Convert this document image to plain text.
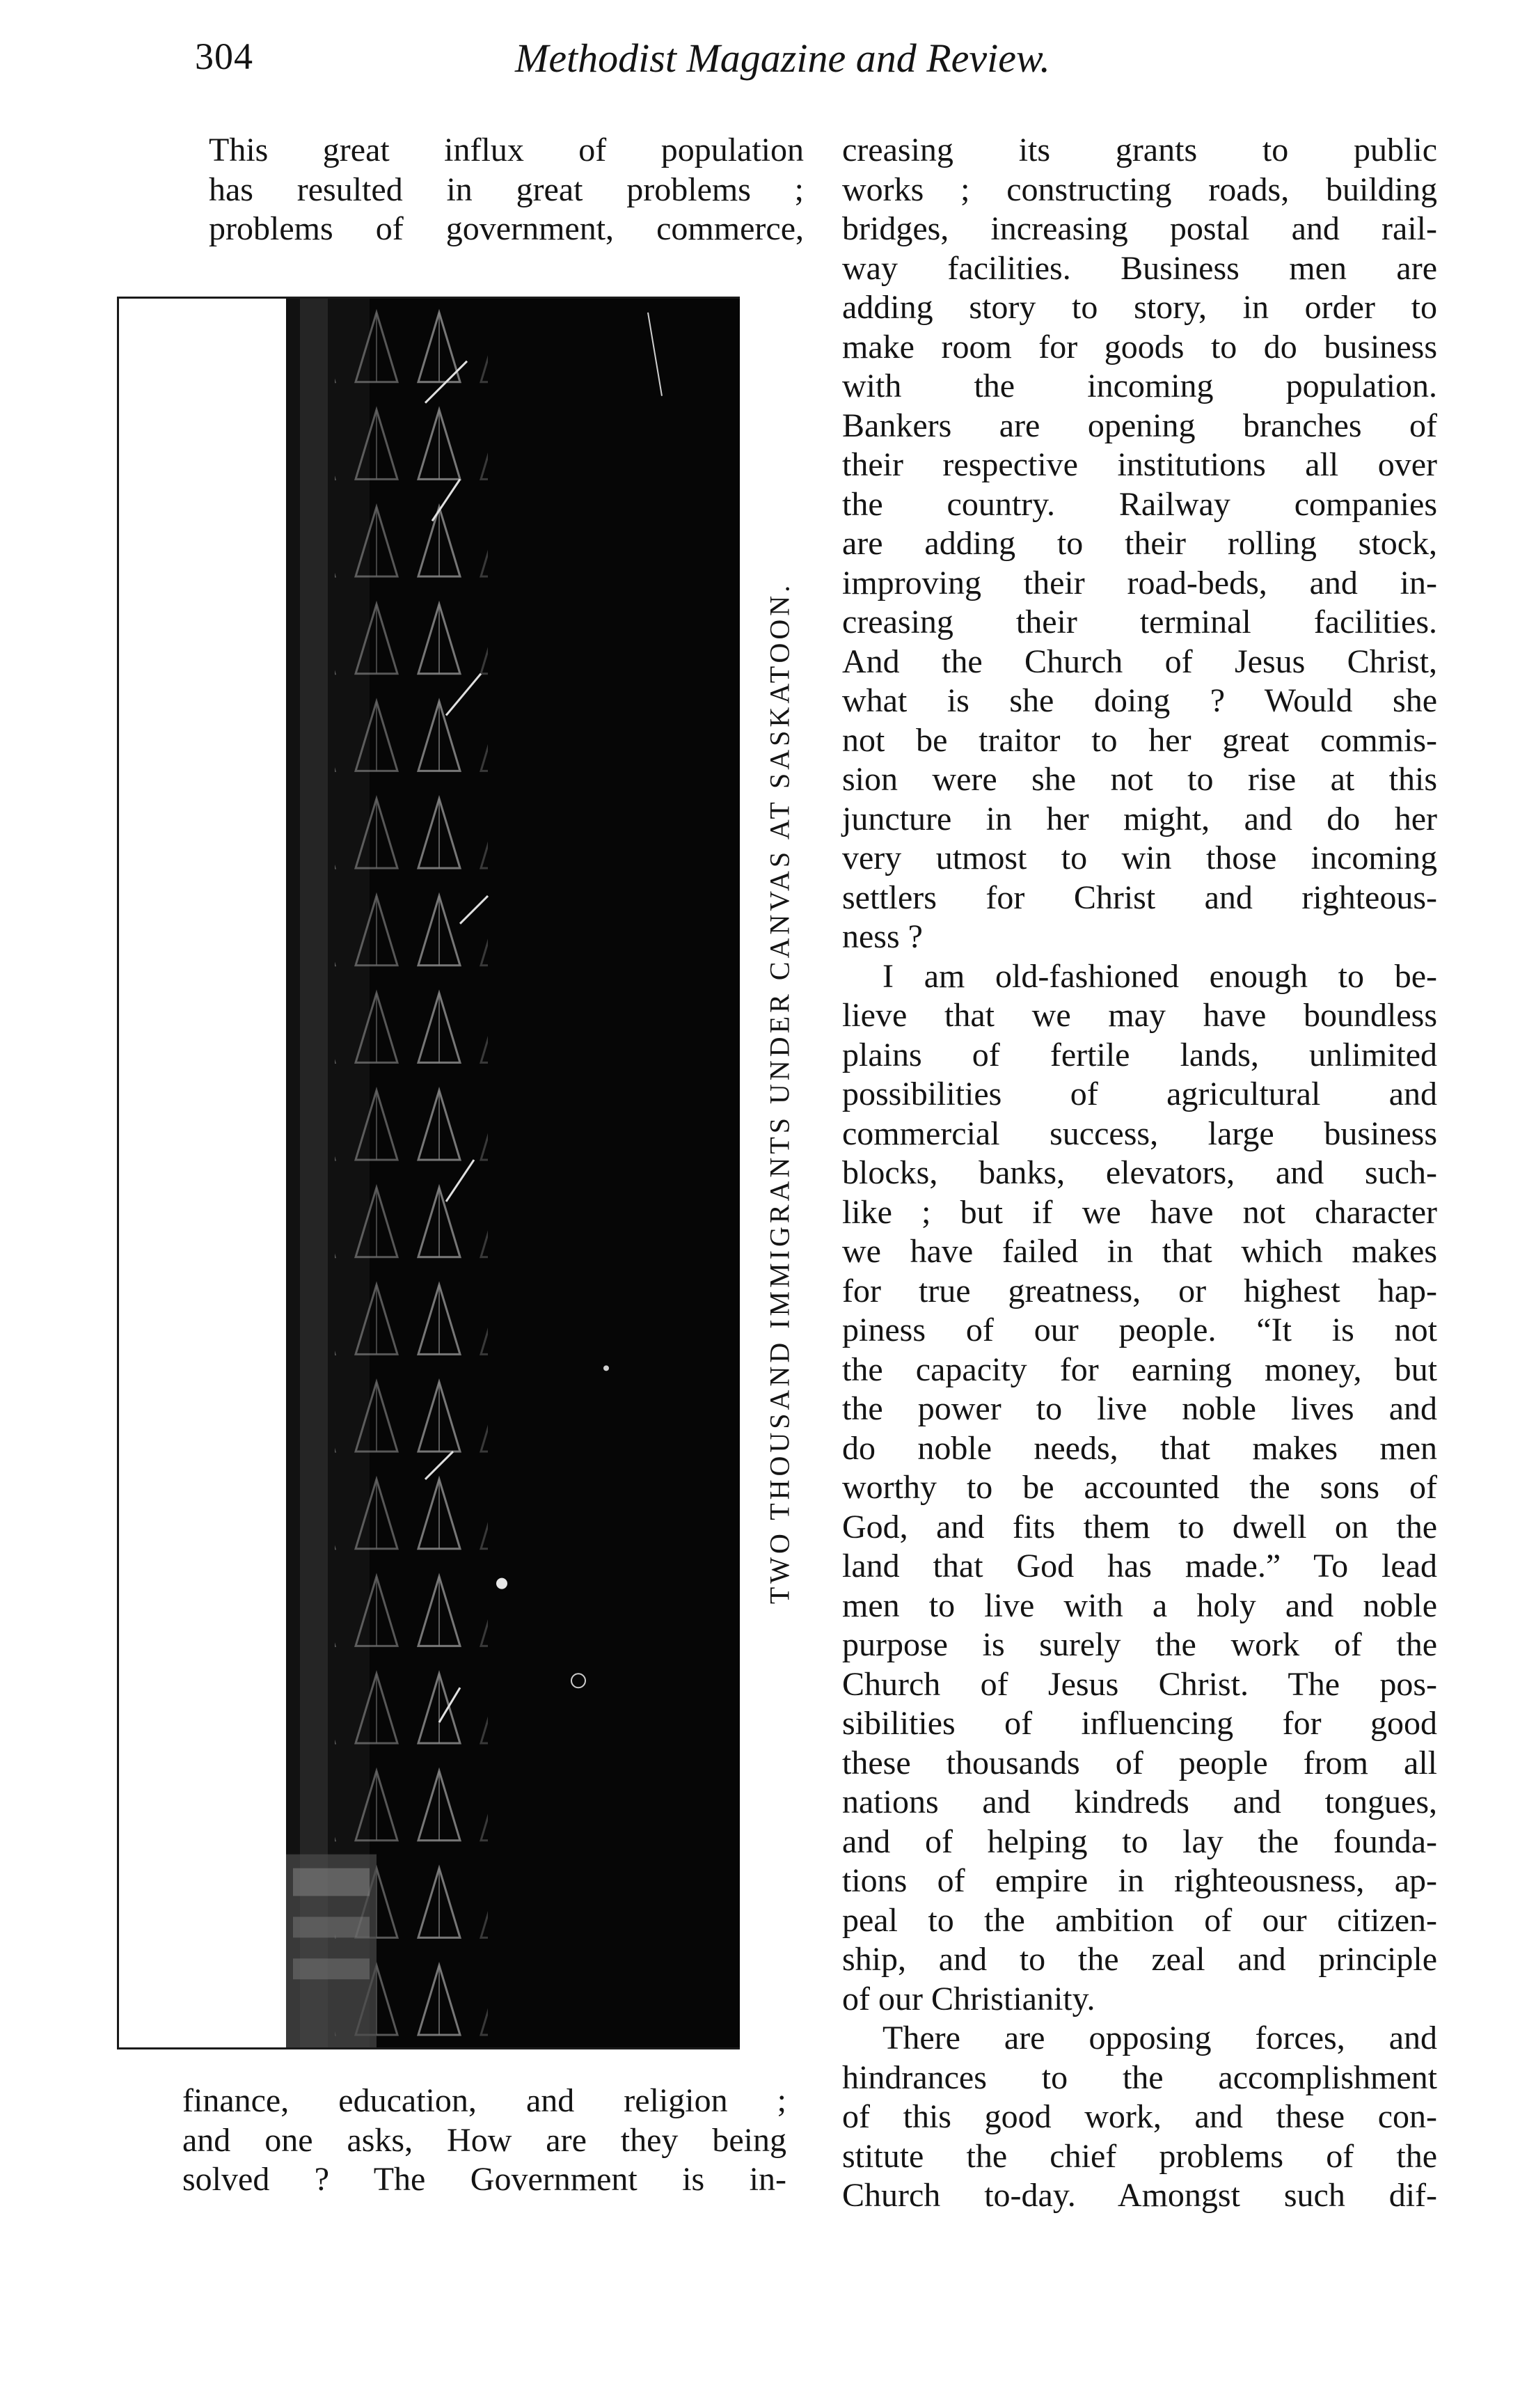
304	Methodist Magazine and Review.
This great influx of population
has resulted in great problems ;
problems of government, commerce,
TWO THOUSAND IMMIGRANTS UNDER CANVAS AT SASKATOON.
finance, education, and religion ;
and one asks, How are they being
solved ? The Government is in-
creasing its grants to public
works ; constructing roads, building
bridges, increasing postal and rail-
way facilities. Business men are
adding story to story, in order to
make room for goods to do business
with the incoming population.
Bankers are opening branches of
their respective institutions all over
the country. Railway companies
are adding to their rolling stock,
improving their road-beds, and in-
creasing their terminal facilities.
And the Church of Jesus Christ,
what is she doing ? Would she
not be traitor to her great commis-
sion were she not to rise at this
juncture in her might, and do her
very utmost to win those incoming
settlers for Christ and righteous-
ness ?
I am old-fashioned enough to be-
lieve that we may have boundless
plains of fertile lands, unlimited
possibilities of agricultural and
commercial success, large business
blocks, banks, elevators, and such-
like ; but if we have not character
we have failed in that which makes
for true greatness, or highest hap-
piness of our people. “It is not
the capacity for earning money, but
the power to live noble lives and
do noble needs, that makes men
worthy to be accounted the sons of
God, and fits them to dwell on the
land that God has made.” To lead
men to live with a holy and noble
purpose is surely the work of the
Church of Jesus Christ. The pos-
sibilities of influencing for good
these thousands of people from all
nations and kindreds and tongues,
and of helping to lay the founda-
tions of empire in righteousness, ap-
peal to the ambition of our citizen-
ship, and to the zeal and principle
of our Christianity.
There are opposing forces, and
hindrances to the accomplishment
of this good work, and these con-
stitute the chief problems of the
Church to-day. Amongst such dif-
